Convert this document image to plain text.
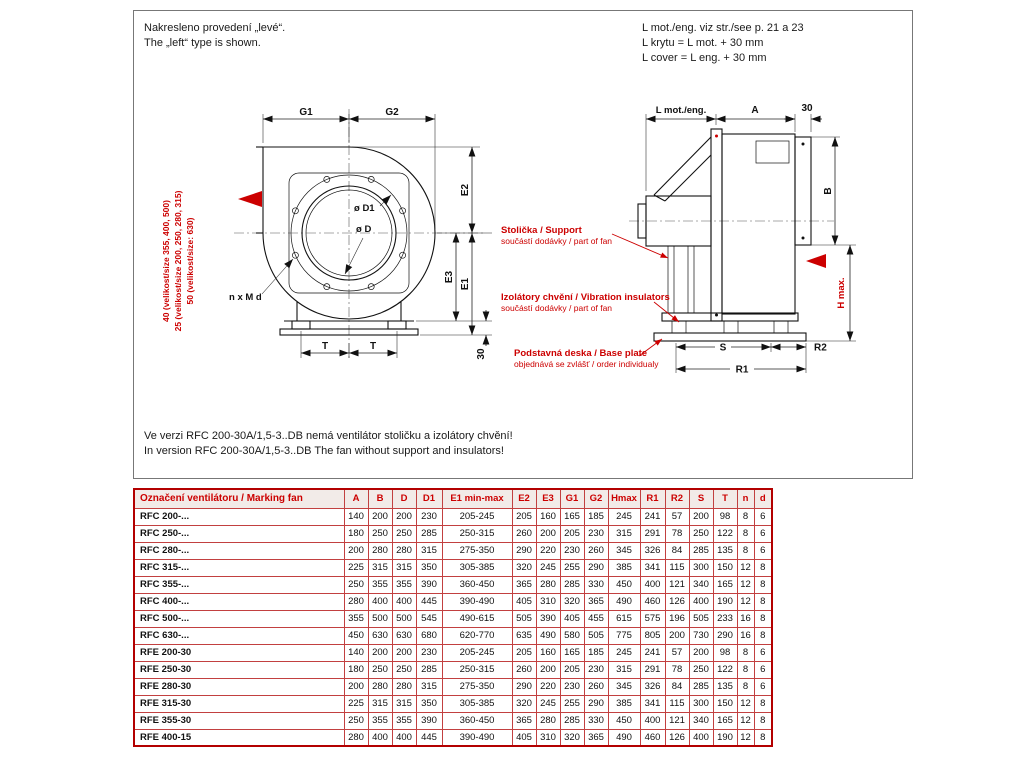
G1	G2
E2
E3
E1
30
T	T
ø D1
ø D
n x M d
40 (velikost/size 355, 400, 500) 25 (velikost/size 200, 250, 280, 315) 50 (velikost/size: 630)
L mot./eng.	A	30
B
H max.
S	R2
R1
Nakresleno provedení „levé“.
The „left“ type is shown.
L mot./eng. viz str./see p. 21 a 23
L krytu = L mot. + 30 mm
L cover = L eng. + 30 mm
Ve verzi RFC 200-30A/1,5-3..DB nemá ventilátor stoličku a izolátory chvění!
In version RFC 200-30A/1,5-3..DB The fan without support and insulators!
Stolička / Support
součástí dodávky / part of fan
Izolátory chvění / Vibration insulators
součástí dodávky / part of fan
Podstavná deska / Base plate
objednává se zvlášť / order individualy
Označení ventilátoru / Marking fan	A	B	D	D1	E1 min-max	E2	E3	G1	G2	Hmax	R1	R2	S	T	n	d
RFC 200-...	140	200	200	230	205-245	205	160	165	185	245	241	57	200	98	8	6
RFC 250-...	180	250	250	285	250-315	260	200	205	230	315	291	78	250	122	8	6
RFC 280-...	200	280	280	315	275-350	290	220	230	260	345	326	84	285	135	8	6
RFC 315-...	225	315	315	350	305-385	320	245	255	290	385	341	115	300	150	12	8
RFC 355-...	250	355	355	390	360-450	365	280	285	330	450	400	121	340	165	12	8
RFC 400-...	280	400	400	445	390-490	405	310	320	365	490	460	126	400	190	12	8
RFC 500-...	355	500	500	545	490-615	505	390	405	455	615	575	196	505	233	16	8
RFC 630-...	450	630	630	680	620-770	635	490	580	505	775	805	200	730	290	16	8
RFE 200-30	140	200	200	230	205-245	205	160	165	185	245	241	57	200	98	8	6
RFE 250-30	180	250	250	285	250-315	260	200	205	230	315	291	78	250	122	8	6
RFE 280-30	200	280	280	315	275-350	290	220	230	260	345	326	84	285	135	8	6
RFE 315-30	225	315	315	350	305-385	320	245	255	290	385	341	115	300	150	12	8
RFE 355-30	250	355	355	390	360-450	365	280	285	330	450	400	121	340	165	12	8
RFE 400-15	280	400	400	445	390-490	405	310	320	365	490	460	126	400	190	12	8
